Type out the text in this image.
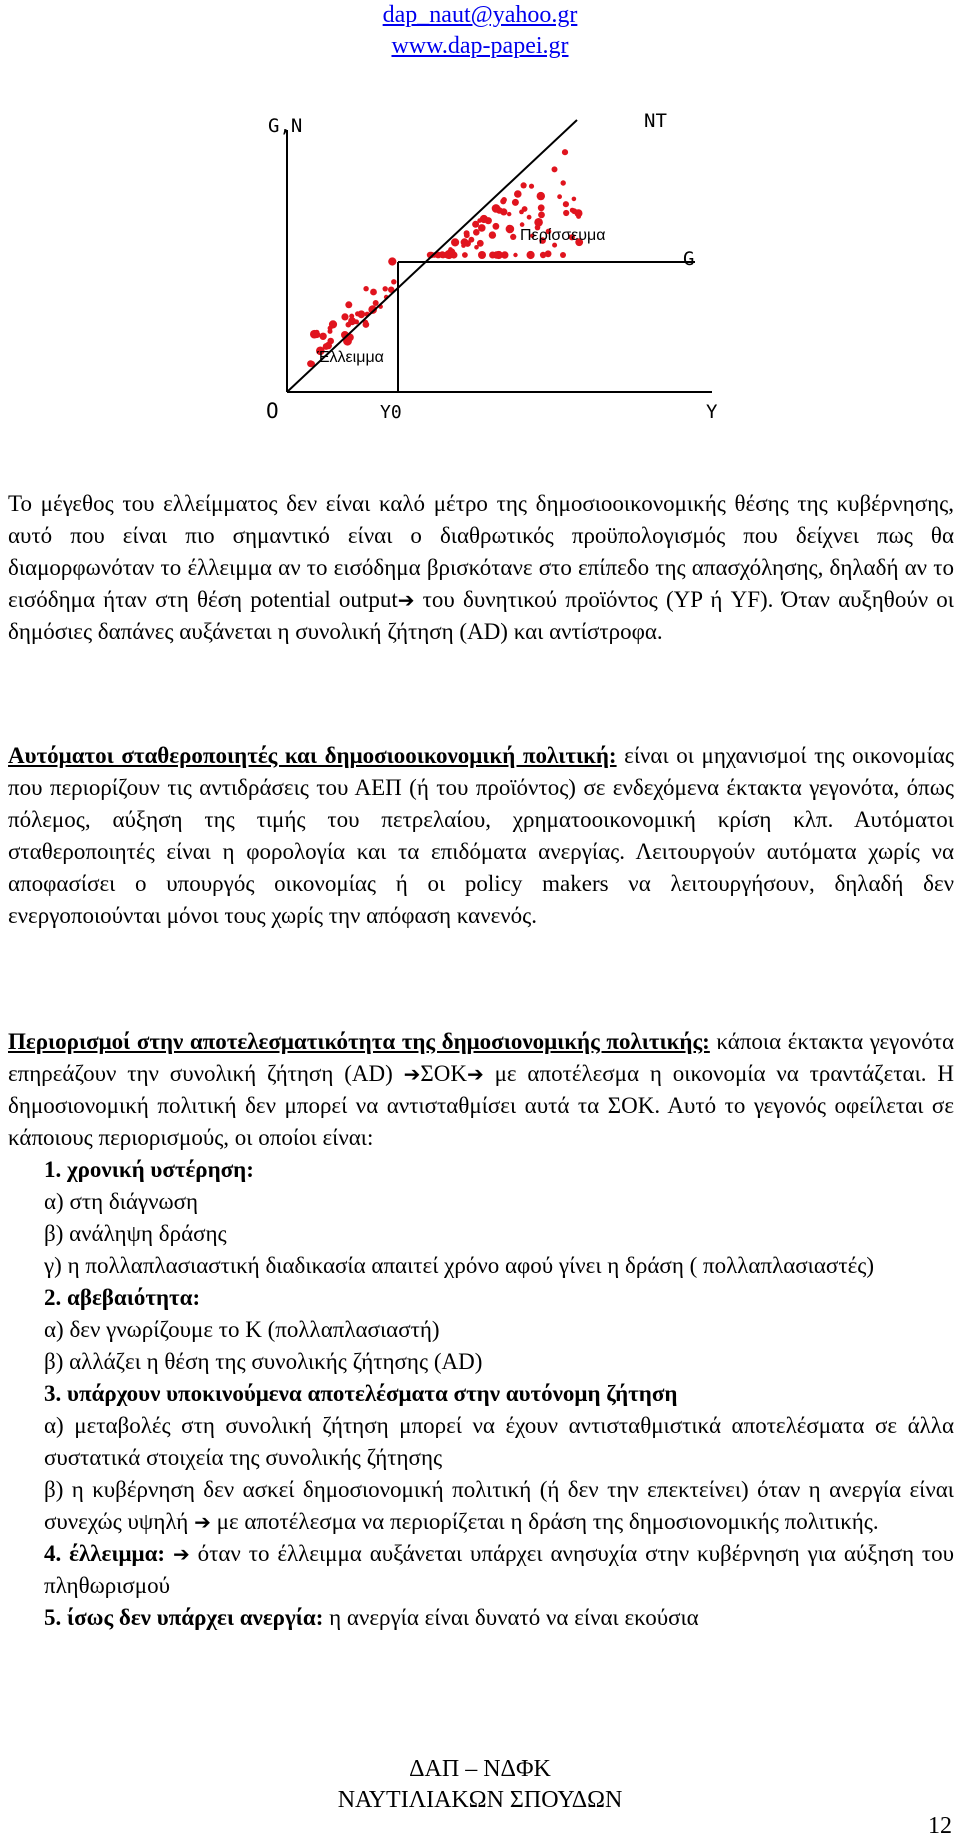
dap_naut@yahoo.gr
www.dap-papei.gr
G,N	NT
G
O	Y0	Y
Περίσσευμα
Έλλειμμα
Το μέγεθος του ελλείμματος δεν είναι καλό μέτρο της δημοσιοοικονομικής θέσης της κυβέρνησης, αυτό που είναι πιο σημαντικό είναι ο διαθρωτικός προϋπολογισμός που δείχνει πως θα διαμορφωνόταν το έλλειμμα αν το εισόδημα βρισκότανε στο επίπεδο της απασχόλησης, δηλαδή αν το εισόδημα ήταν στη θέση potential output➔ του δυνητικού προϊόντος (YP ή YF). Όταν αυξηθούν οι δημόσιες δαπάνες αυξάνεται η συνολική ζήτηση (AD) και αντίστροφα.
Αυτόματοι σταθεροποιητές και δημοσιοοικονομική πολιτική: είναι οι μηχανισμοί της οικονομίας που περιορίζουν τις αντιδράσεις του ΑΕΠ (ή του προϊόντος) σε ενδεχόμενα έκτακτα γεγονότα, όπως πόλεμος, αύξηση της τιμής του πετρελαίου, χρηματοοικονομική κρίση κλπ. Αυτόματοι σταθεροποιητές είναι η φορολογία και τα επιδόματα ανεργίας. Λειτουργούν αυτόματα χωρίς να αποφασίσει ο υπουργός οικονομίας ή οι policy makers να λειτουργήσουν, δηλαδή δεν ενεργοποιούνται μόνοι τους χωρίς την απόφαση κανενός.
Περιορισμοί στην αποτελεσματικότητα της δημοσιονομικής πολιτικής: κάποια έκτακτα γεγονότα επηρεάζουν την συνολική ζήτηση (AD) ➔ΣΟΚ➔ με αποτέλεσμα η οικονομία να τραντάζεται. Η δημοσιονομική πολιτική δεν μπορεί να αντισταθμίσει αυτά τα ΣΟΚ. Αυτό το γεγονός οφείλεται σε κάποιους περιορισμούς, οι οποίοι είναι:
1. χρονική υστέρηση:
α) στη διάγνωση
β) ανάληψη δράσης
γ) η πολλαπλασιαστική διαδικασία απαιτεί χρόνο αφού γίνει η δράση ( πολλαπλασιαστές)
2. αβεβαιότητα:
α) δεν γνωρίζουμε το Κ (πολλαπλασιαστή)
β) αλλάζει η θέση της συνολικής ζήτησης (AD)
3. υπάρχουν υποκινούμενα αποτελέσματα στην αυτόνομη ζήτηση
α) μεταβολές στη συνολική ζήτηση μπορεί να έχουν αντισταθμιστικά αποτελέσματα σε άλλα συστατικά στοιχεία της συνολικής ζήτησης
β) η κυβέρνηση δεν ασκεί δημοσιονομική πολιτική (ή δεν την επεκτείνει) όταν η ανεργία είναι συνεχώς υψηλή ➔ με αποτέλεσμα να περιορίζεται η δράση της δημοσιονομικής πολιτικής.
4. έλλειμμα: ➔ όταν το έλλειμμα αυξάνεται υπάρχει ανησυχία στην κυβέρνηση για αύξηση του πληθωρισμού
5. ίσως δεν υπάρχει ανεργία: η ανεργία είναι δυνατό να είναι εκούσια
ΔΑΠ – ΝΔΦΚ
ΝΑΥΤΙΛΙΑΚΩΝ ΣΠΟΥΔΩΝ
12
